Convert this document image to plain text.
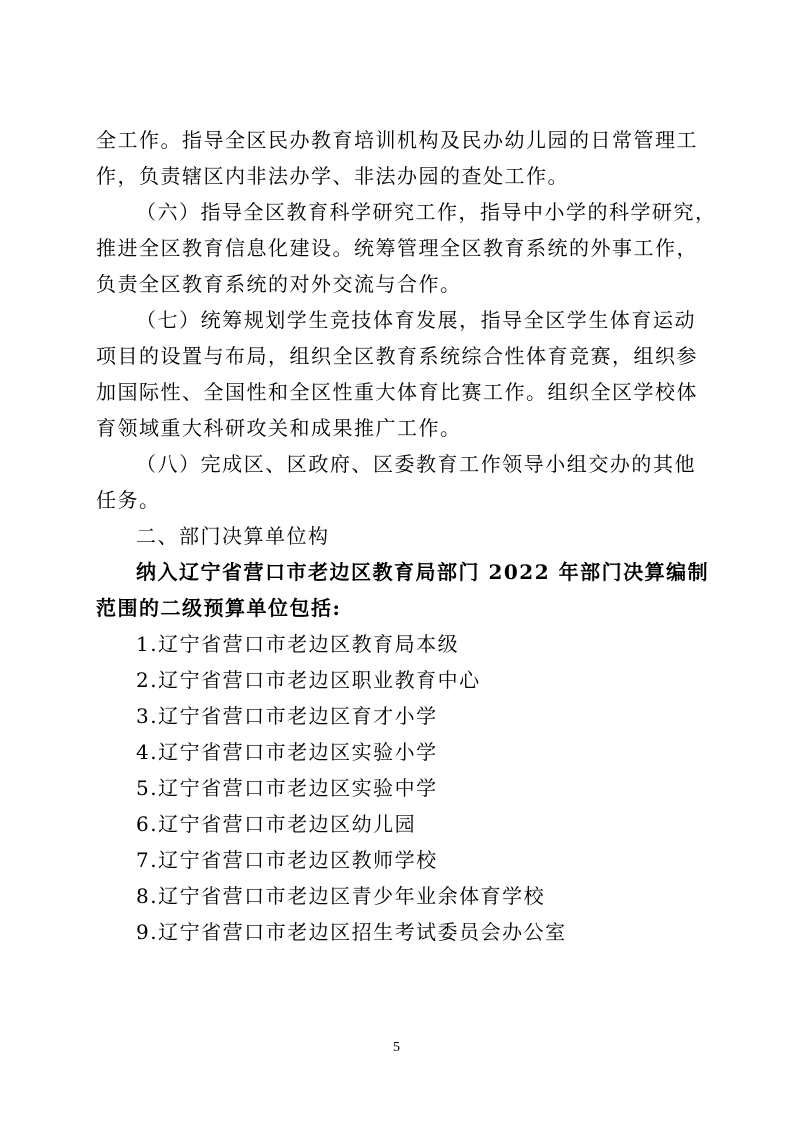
全工作。指导全区民办教育培训机构及民办幼儿园的日常管理工
作，负责辖区内非法办学、非法办园的查处工作。
（六）指导全区教育科学研究工作，指导中小学的科学研究，
推进全区教育信息化建设。统筹管理全区教育系统的外事工作，
负责全区教育系统的对外交流与合作。
（七）统筹规划学生竞技体育发展，指导全区学生体育运动
项目的设置与布局，组织全区教育系统综合性体育竞赛，组织参
加国际性、全国性和全区性重大体育比赛工作。组织全区学校体
育领域重大科研攻关和成果推广工作。
（八）完成区、区政府、区委教育工作领导小组交办的其他
任务。
二、部门决算单位构
纳入辽宁省营口市老边区教育局部门 2022 年部门决算编制
范围的二级预算单位包括:
1.辽宁省营口市老边区教育局本级
2.辽宁省营口市老边区职业教育中心
3.辽宁省营口市老边区育才小学
4.辽宁省营口市老边区实验小学
5.辽宁省营口市老边区实验中学
6.辽宁省营口市老边区幼儿园
7.辽宁省营口市老边区教师学校
8.辽宁省营口市老边区青少年业余体育学校
9.辽宁省营口市老边区招生考试委员会办公室
5
